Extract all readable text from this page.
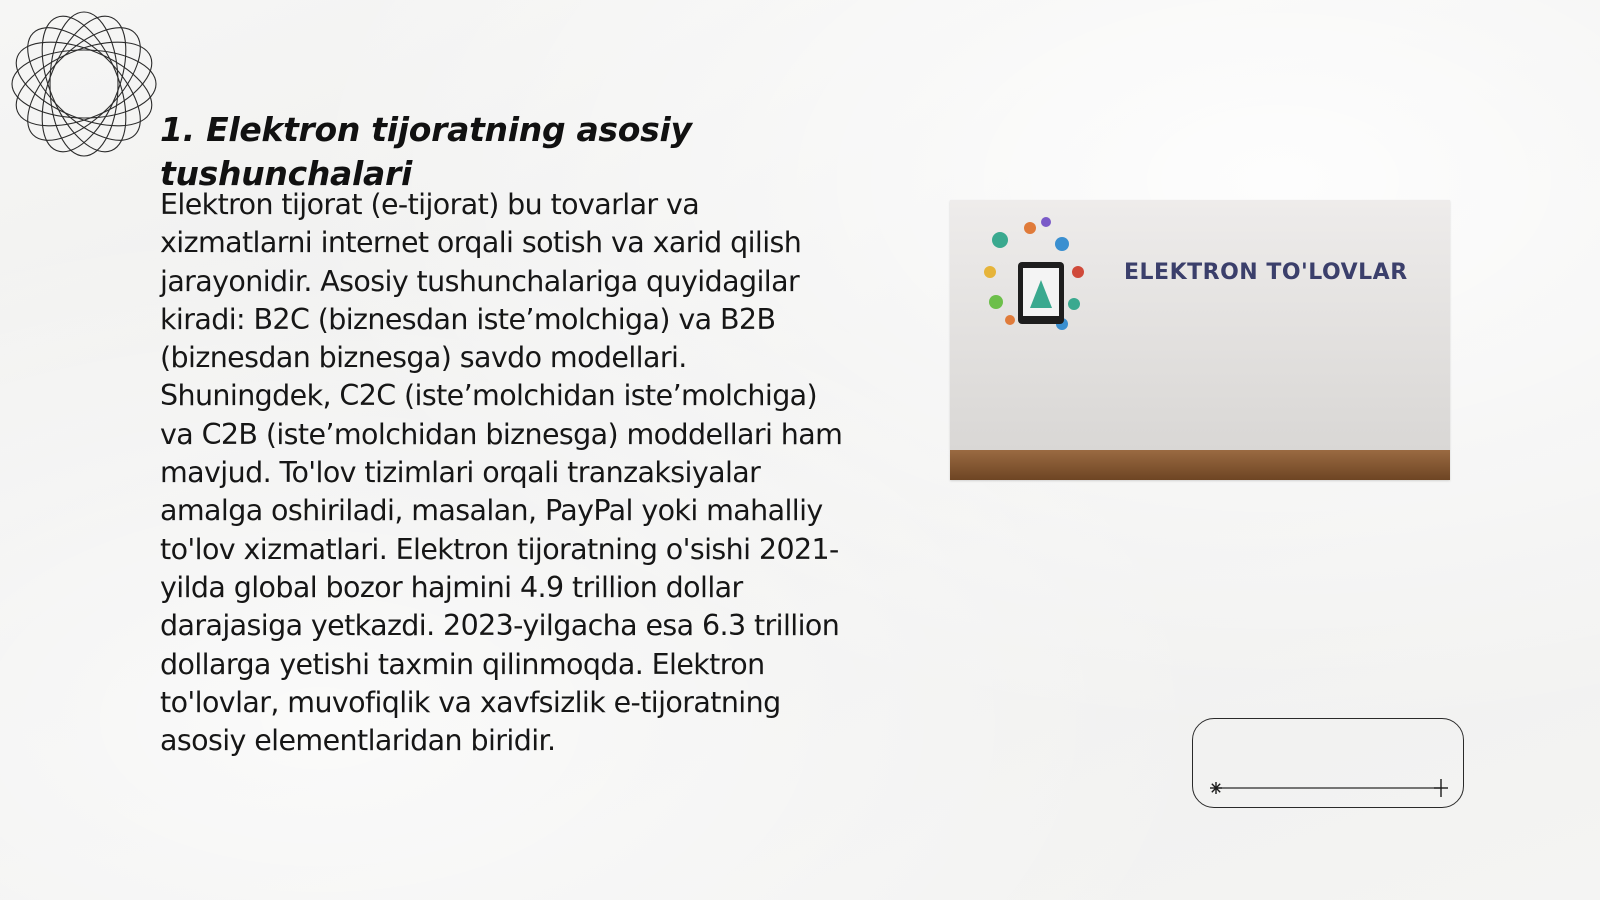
1. Elektron tijoratning asosiy tushunchalari

Elektron tijorat (e-tijorat) bu tovarlar va xizmatlarni internet orqali sotish va xarid qilish jarayonidir. Asosiy tushunchalariga quyidagilar kiradi: B2C (biznesdan iste’molchiga) va B2B (biznesdan biznesga) savdo modellari. Shuningdek, C2C (iste’molchidan iste’molchiga) va C2B (iste’molchidan biznesga) moddellari ham mavjud. To'lov tizimlari orqali tranzaksiyalar amalga oshiriladi, masalan, PayPal yoki mahalliy to'lov xizmatlari. Elektron tijoratning o'sishi 2021-yilda global bozor hajmini 4.9 trillion dollar darajasiga yetkazdi. 2023-yilgacha esa 6.3 trillion dollarga yetishi taxmin qilinmoqda. Elektron to'lovlar, muvofiqlik va xavfsizlik e-tijoratning asosiy elementlaridan biridir.

ELEKTRON TO'LOVLAR
